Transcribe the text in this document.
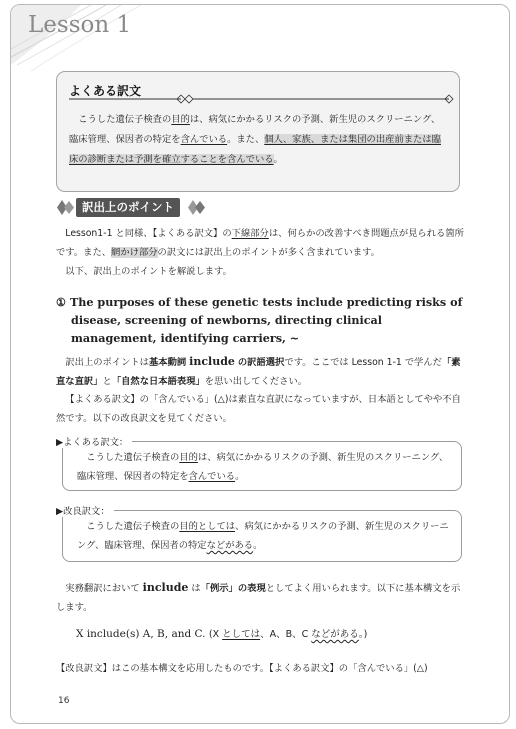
Lesson 1
よくある訳文

こうした遺伝子検査の目的は、病気にかかるリスクの予測、新生児のスクリーニング、臨床管理、保因者の特定を含んでいる。また、個人、家族、または集団の出産前または臨床の診断または予測を確立することを含んでいる。

訳出上のポイント

Lesson1-1 と同様、【よくある訳文】の下線部分は、何らかの改善すべき問題点が見られる箇所です。また、網かけ部分の訳文には訳出上のポイントが多く含まれています。

以下、訳出上のポイントを解説します。

① The purposes of these genetic tests include predicting risks of
disease, screening of newborns, directing clinical
management, identifying carriers, ~

訳出上のポイントは基本動詞 include の訳語選択です。ここでは Lesson 1-1 で学んだ「素直な直訳」と「自然な日本語表現」を思い出してください。

【よくある訳文】の「含んでいる」(△)は素直な直訳になっていますが、日本語としてやや不自然です。以下の改良訳文を見てください。

▶よくある訳文：

こうした遺伝子検査の目的は、病気にかかるリスクの予測、新生児のスクリーニング、臨床管理、保因者の特定を含んでいる。

▶改良訳文：

こうした遺伝子検査の目的としては、病気にかかるリスクの予測、新生児のスクリーニング、臨床管理、保因者の特定などがある。

実務翻訳において include は「例示」の表現としてよく用いられます。以下に基本構文を示します。

X include(s) A, B, and C. (X としては、A、B、C などがある。)

【改良訳文】はこの基本構文を応用したものです。【よくある訳文】の「含んでいる」(△)

16
